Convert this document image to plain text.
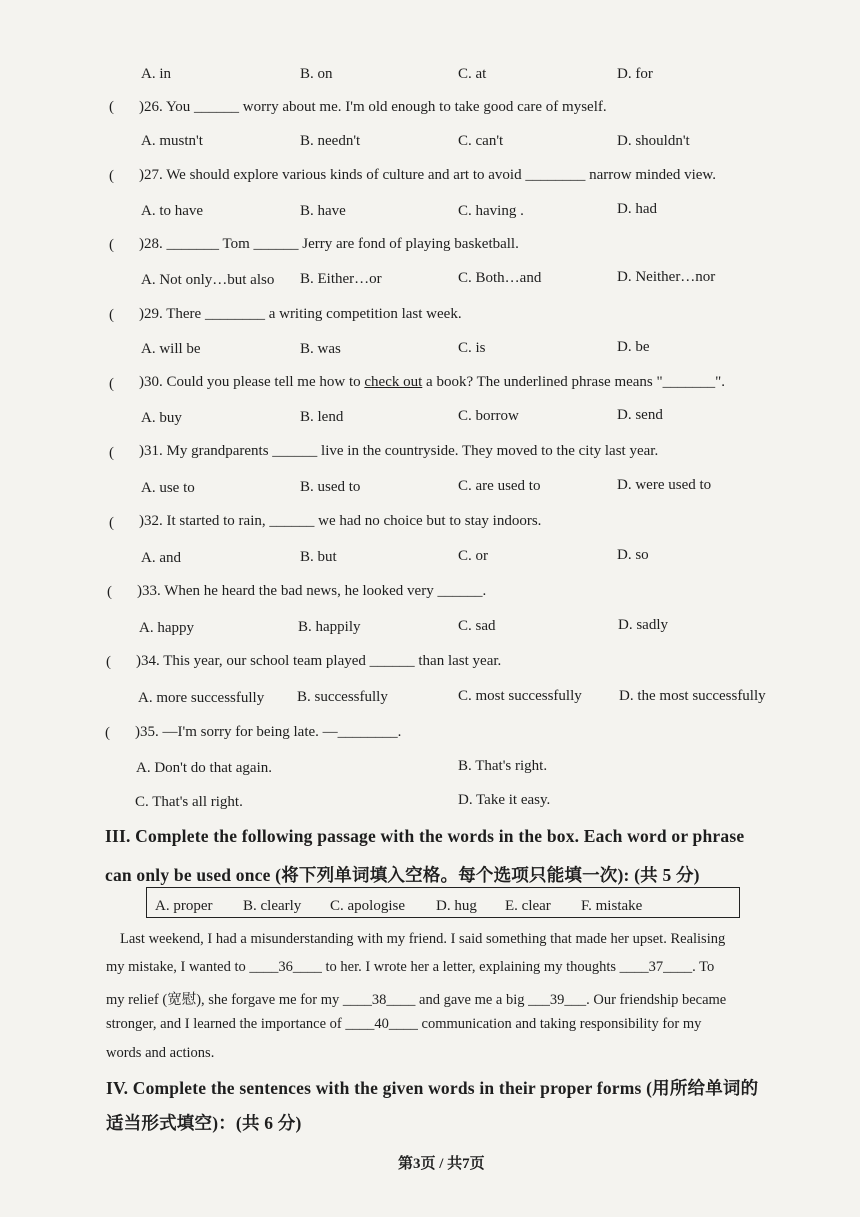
A. in	B. on	C. at	D. for
( )26. You ______ worry about me. I'm old enough to take good care of myself.
A. mustn't	B. needn't	C. can't	D. shouldn't
( )27. We should explore various kinds of culture and art to avoid ________ narrow minded view.
A. to have	B. have	C. having .	D. had
( )28. _______ Tom ______ Jerry are fond of playing basketball.
A. Not only…but also B. Either…or	C. Both…and	D. Neither…nor
( )29. There ________ a writing competition last week.
A. will be	B. was	C. is	D. be
( )30. Could you please tell me how to check out a book? The underlined phrase means "_______".
A. buy	B. lend	C. borrow	D. send
( )31. My grandparents ______ live in the countryside. They moved to the city last year.
A. use to	B. used to	C. are used to	D. were used to
( )32. It started to rain, ______ we had no choice but to stay indoors.
A. and	B. but	C. or	D. so
( )33. When he heard the bad news, he looked very ______.
A. happy	B. happily	C. sad	D. sadly
( )34. This year, our school team played ______ than last year.
A. more successfully B. successfully	C. most successfully D. the most successfully
( )35. —I'm sorry for being late. —________.
A. Don't do that again.	B. That's right.
C. That's all right.	D. Take it easy.
III. Complete the following passage with the words in the box. Each word or phrase
can only be used once (将下列单词填入空格。每个选项只能填一次): (共 5 分)
A. proper B. clearly C. apologise D. hug E. clear F. mistake
Last weekend, I had a misunderstanding with my friend. I said something that made her upset. Realising
my mistake, I wanted to ____36____ to her. I wrote her a letter, explaining my thoughts ____37____. To
my relief (宽慰), she forgave me for my ____38____ and gave me a big ___39___. Our friendship became
stronger, and I learned the importance of ____40____ communication and taking responsibility for my
words and actions.
IV. Complete the sentences with the given words in their proper forms (用所给单词的
适当形式填空)：(共 6 分)
第3页 / 共7页
